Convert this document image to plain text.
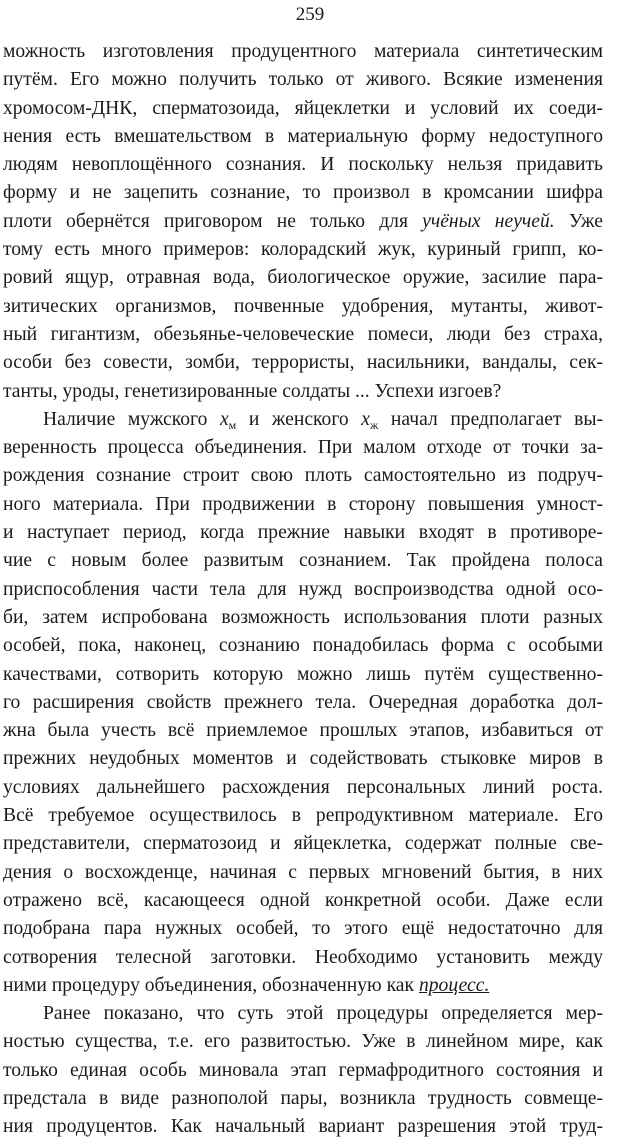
259
можность изготовления продуцентного материала синтетическим
путём. Его можно получить только от живого. Всякие изменения
хромосом-ДНК, сперматозоида, яйцеклетки и условий их соеди-
нения есть вмешательством в материальную форму недоступного
людям невоплощённого сознания. И поскольку нельзя придавить
форму и не зацепить сознание, то произвол в кромсании шифра
плоти обернётся приговором не только для учёных неучей. Уже
тому есть много примеров: колорадский жук, куриный грипп, ко-
ровий ящур, отравная вода, биологическое оружие, засилие пара-
зитических организмов, почвенные удобрения, мутанты, живот-
ный гигантизм, обезьянье-человеческие помеси, люди без страха,
особи без совести, зомби, террористы, насильники, вандалы, сек-
танты, уроды, генетизированные солдаты ... Успехи изгоев?
Наличие мужского $x_м$ и женского $x_ж$ начал предполагает вы-
веренность процесса объединения. При малом отходе от точки за-
рождения сознание строит свою плоть самостоятельно из подруч-
ного материала. При продвижении в сторону повышения умност-
и наступает период, когда прежние навыки входят в противоре-
чие с новым более развитым сознанием. Так пройдена полоса
приспособления части тела для нужд воспроизводства одной осо-
би, затем испробована возможность использования плоти разных
особей, пока, наконец, сознанию понадобилась форма с особыми
качествами, сотворить которую можно лишь путём существенно-
го расширения свойств прежнего тела. Очередная доработка дол-
жна была учесть всё приемлемое прошлых этапов, избавиться от
прежних неудобных моментов и содействовать стыковке миров в
условиях дальнейшего расхождения персональных линий роста.
Всё требуемое осуществилось в репродуктивном материале. Его
представители, сперматозоид и яйцеклетка, содержат полные све-
дения о восхожденце, начиная с первых мгновений бытия, в них
отражено всё, касающееся одной конкретной особи. Даже если
подобрана пара нужных особей, то этого ещё недостаточно для
сотворения телесной заготовки. Необходимо установить между
ними процедуру объединения, обозначенную как процесс.
Ранее показано, что суть этой процедуры определяется мер-
ностью существа, т.е. его развитостью. Уже в линейном мире, как
только единая особь миновала этап гермафродитного состояния и
предстала в виде разнополой пары, возникла трудность совмеще-
ния продуцентов. Как начальный вариант разрешения этой труд-
